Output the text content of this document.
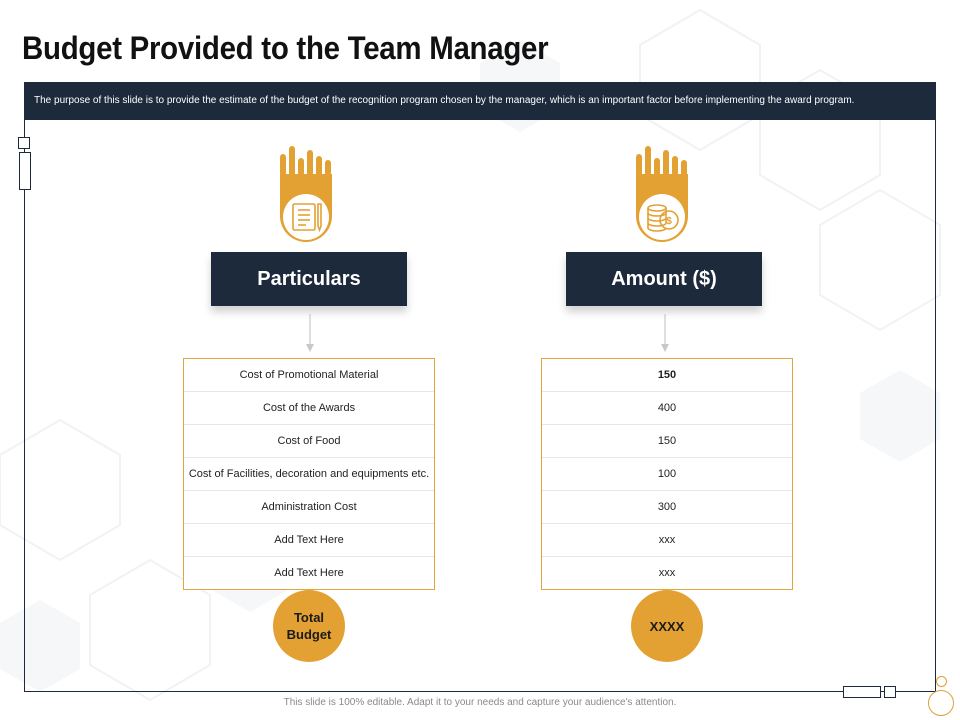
Budget Provided to the Team Manager
The purpose of this slide is to provide the estimate of the budget of the recognition program chosen by the manager, which is an important factor before implementing the award program.
Particulars
Cost of Promotional Material
Cost of the Awards
Cost of Food
Cost of Facilities, decoration and equipments etc.
Administration Cost
Add Text Here
Add Text Here
Total
Budget
$
Amount ($)
150
400
150
100
300
xxx
xxx
XXXX
This slide is 100% editable. Adapt it to your needs and capture your audience's attention.
